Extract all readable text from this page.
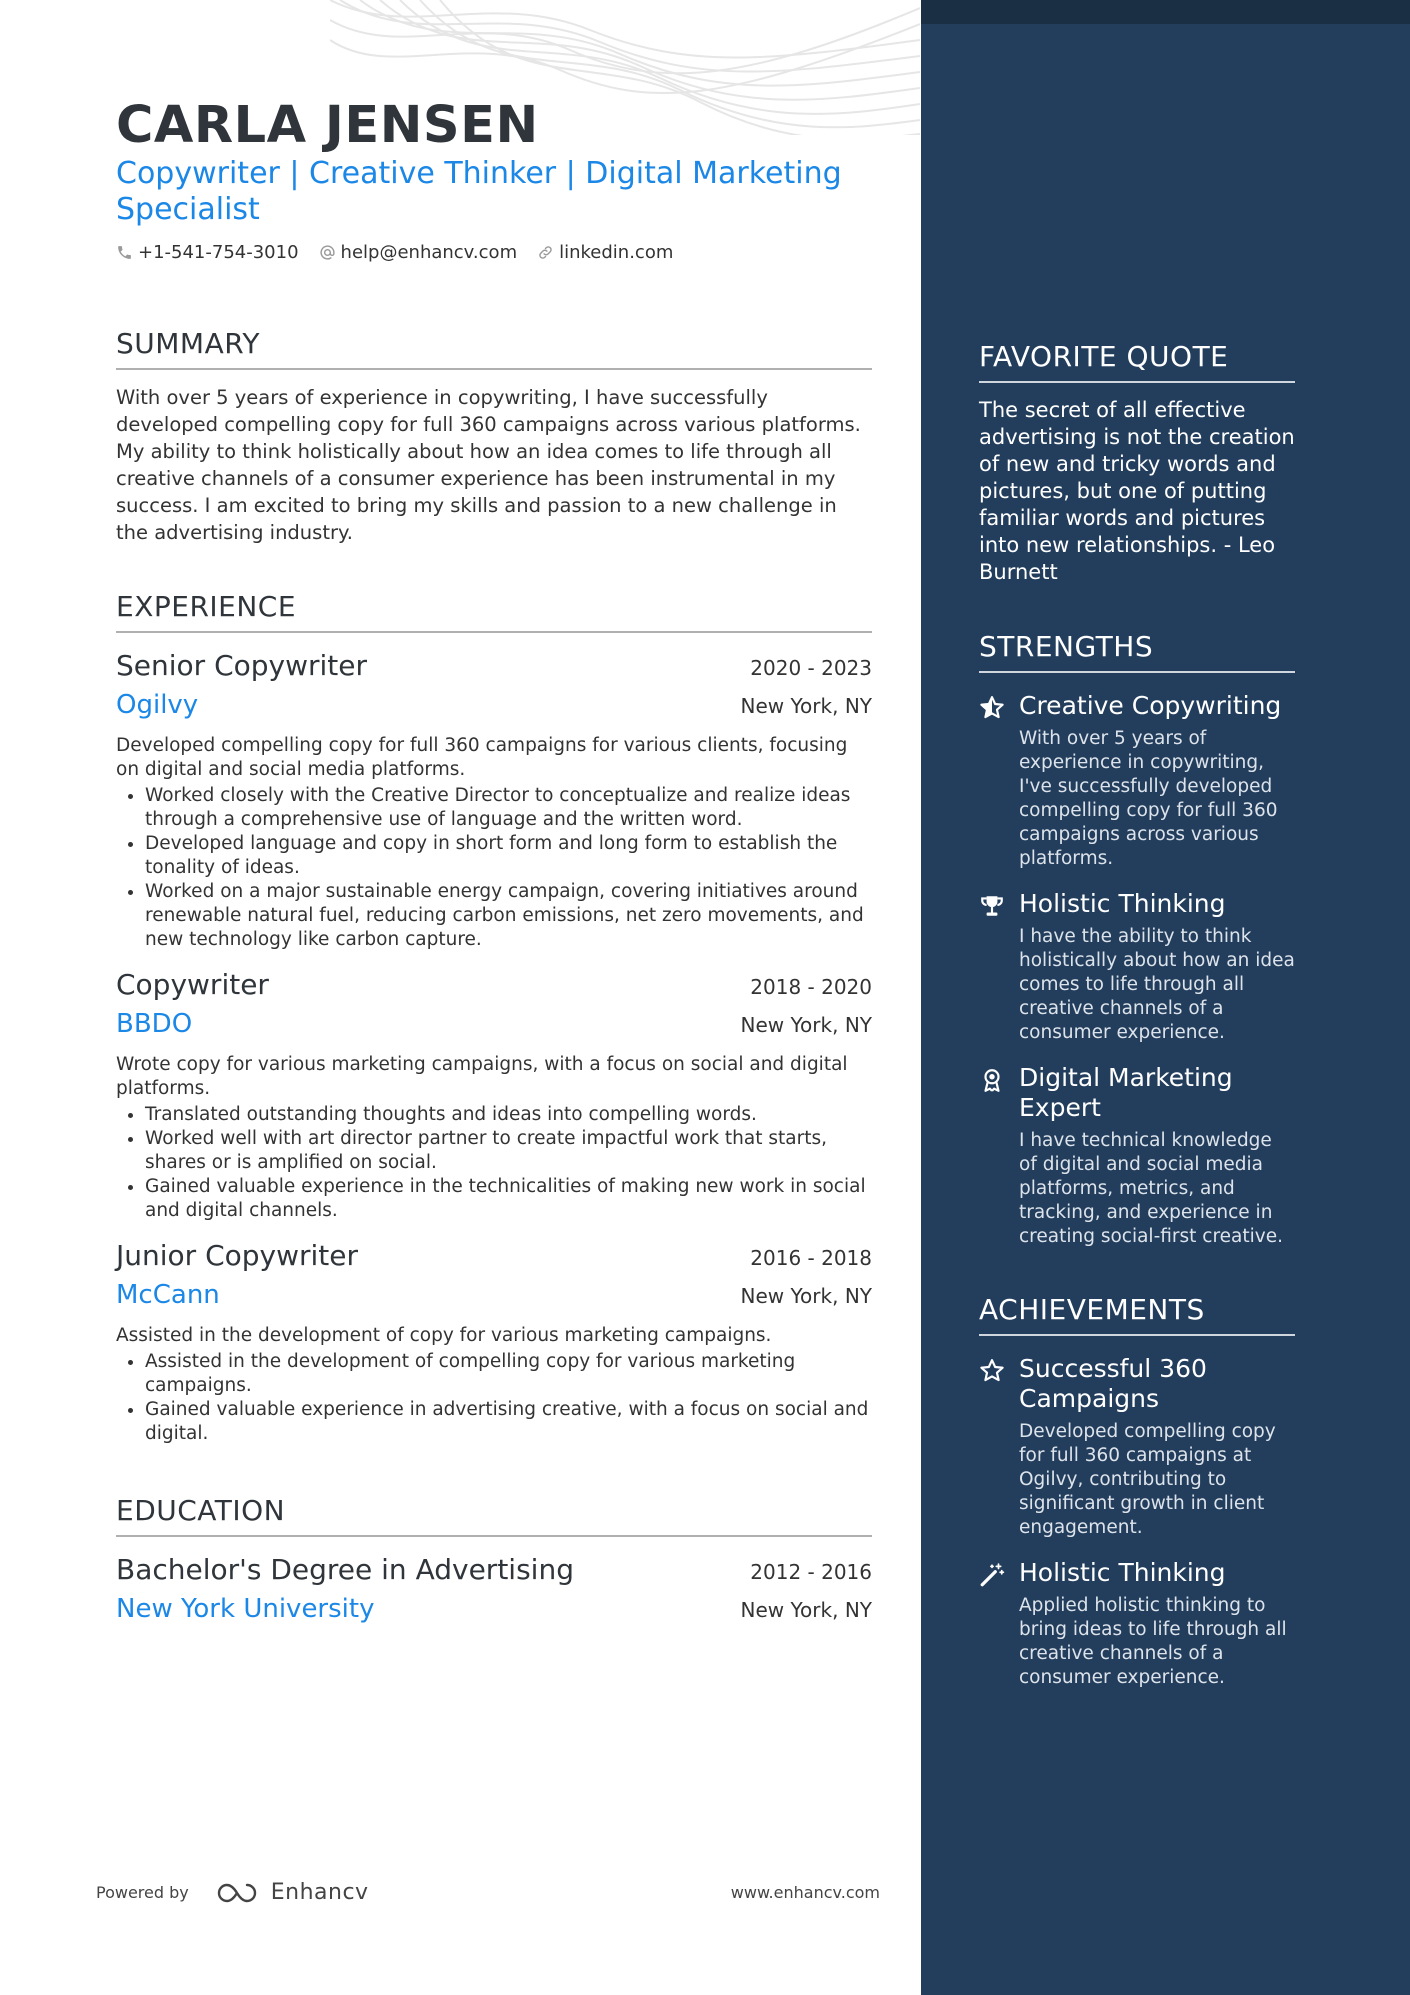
CARLA JENSEN
Copywriter | Creative Thinker | Digital Marketing Specialist
+1-541-754-3010 help@enhancv.com linkedin.com
SUMMARY
With over 5 years of experience in copywriting, I have successfully developed compelling copy for full 360 campaigns across various platforms. My ability to think holistically about how an idea comes to life through all creative channels of a consumer experience has been instrumental in my success. I am excited to bring my skills and passion to a new challenge in the advertising industry.
EXPERIENCE
Senior Copywriter	2020 - 2023
Ogilvy	New York, NY
Developed compelling copy for full 360 campaigns for various clients, focusing on digital and social media platforms.
• Worked closely with the Creative Director to conceptualize and realize ideas through a comprehensive use of language and the written word.
• Developed language and copy in short form and long form to establish the tonality of ideas.
• Worked on a major sustainable energy campaign, covering initiatives around renewable natural fuel, reducing carbon emissions, net zero movements, and new technology like carbon capture.
Copywriter	2018 - 2020
BBDO	New York, NY
Wrote copy for various marketing campaigns, with a focus on social and digital platforms.
• Translated outstanding thoughts and ideas into compelling words.
• Worked well with art director partner to create impactful work that starts, shares or is amplified on social.
• Gained valuable experience in the technicalities of making new work in social and digital channels.
Junior Copywriter	2016 - 2018
McCann	New York, NY
Assisted in the development of copy for various marketing campaigns.
• Assisted in the development of compelling copy for various marketing campaigns.
• Gained valuable experience in advertising creative, with a focus on social and digital.
EDUCATION
Bachelor's Degree in Advertising	2012 - 2016
New York University	New York, NY
Powered by	Enhancv	www.enhancv.com
FAVORITE QUOTE
The secret of all effective advertising is not the creation of new and tricky words and pictures, but one of putting familiar words and pictures into new relationships. - Leo Burnett
STRENGTHS
Creative Copywriting
With over 5 years of experience in copywriting, I've successfully developed compelling copy for full 360 campaigns across various platforms.
Holistic Thinking
I have the ability to think holistically about how an idea comes to life through all creative channels of a consumer experience.
Digital Marketing Expert
I have technical knowledge of digital and social media platforms, metrics, and tracking, and experience in creating social-first creative.
ACHIEVEMENTS
Successful 360 Campaigns
Developed compelling copy for full 360 campaigns at Ogilvy, contributing to significant growth in client engagement.
Holistic Thinking
Applied holistic thinking to bring ideas to life through all creative channels of a consumer experience.
